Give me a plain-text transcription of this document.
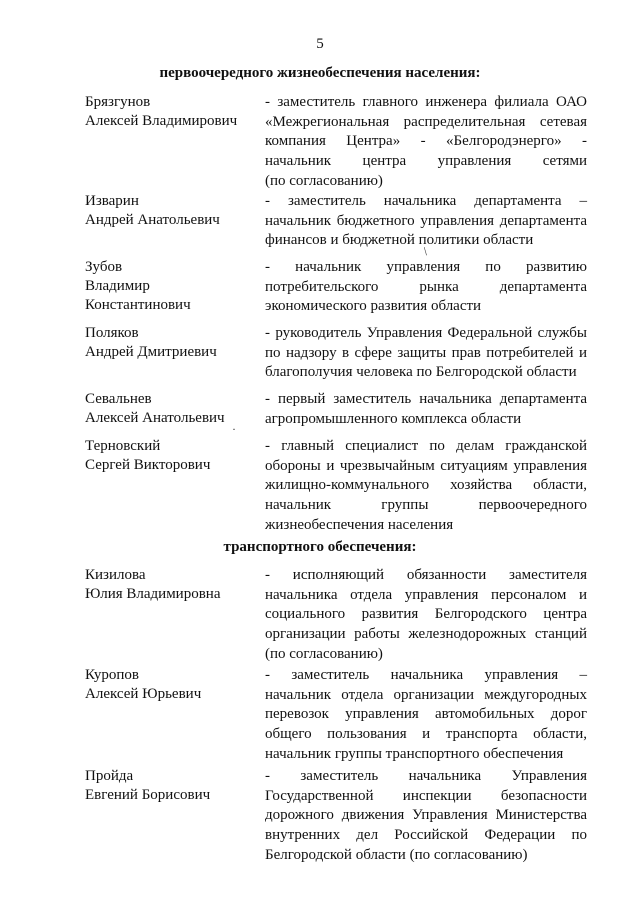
5
первоочередного жизнеобеспечения населения:
Брязгунов
Алексей Владимирович
- заместитель главного инженера филиала ОАО
«Межрегиональная распределительная сетевая
компания Центра» - «Белгородэнерго» -
начальник центра управления сетями
(по согласованию)
Изварин
Андрей Анатольевич
- заместитель начальника департамента –
начальник бюджетного управления департамента
финансов и бюджетной политики области
Зубов
Владимир
Константинович
- начальник управления по развитию
потребительского рынка департамента
экономического развития области
Поляков
Андрей Дмитриевич
- руководитель Управления Федеральной службы
по надзору в сфере защиты прав потребителей и
благополучия человека по Белгородской области
Севальнев
Алексей Анатольевич
- первый заместитель начальника департамента
агропромышленного комплекса области
Терновский
Сергей Викторович
- главный специалист по делам гражданской
обороны и чрезвычайным ситуациям управления
жилищно-коммунального хозяйства области,
начальник группы первоочередного
жизнеобеспечения населения
транспортного обеспечения:
Кизилова
Юлия Владимировна
- исполняющий обязанности заместителя
начальника отдела управления персоналом и
социального развития Белгородского центра
организации работы железнодорожных станций
(по согласованию)
Куропов
Алексей Юрьевич
- заместитель начальника управления –
начальник отдела организации междугородных
перевозок управления автомобильных дорог
общего пользования и транспорта области,
начальник группы транспортного обеспечения
Пройда
Евгений Борисович
- заместитель начальника Управления
Государственной инспекции безопасности
дорожного движения Управления Министерства
внутренних дел Российской Федерации по
Белгородской области (по согласованию)
/
·
